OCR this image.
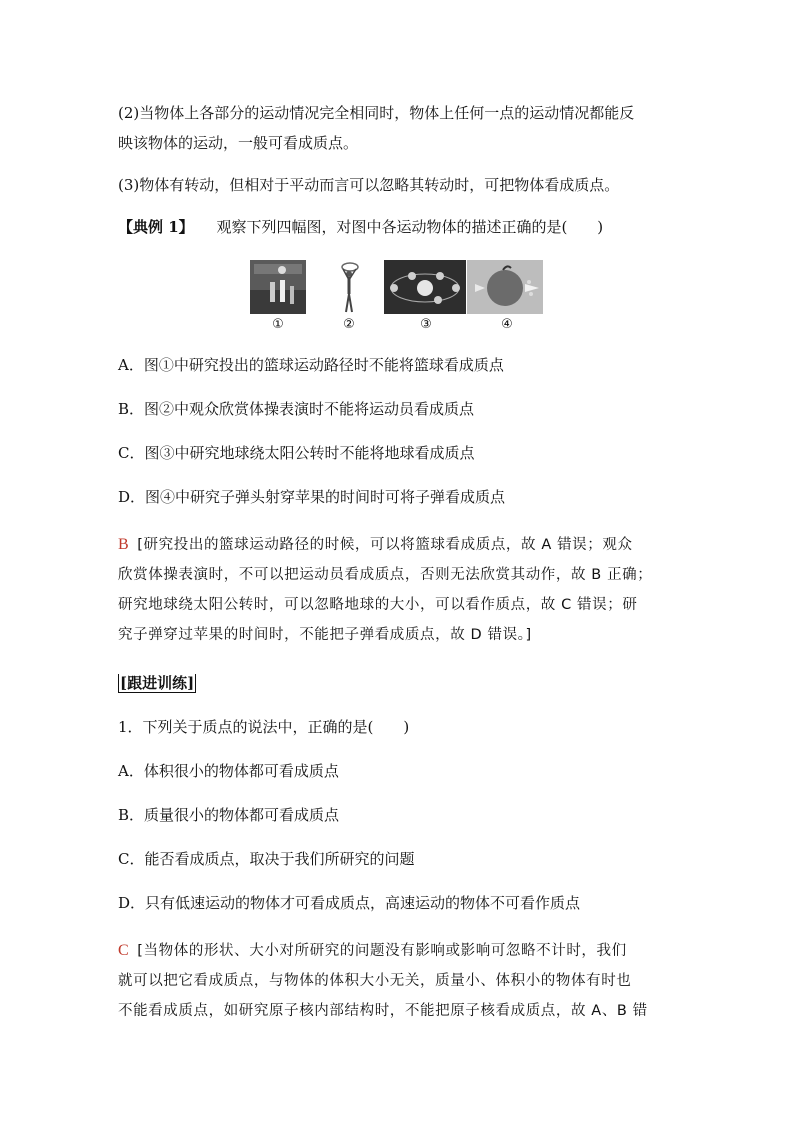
(2)当物体上各部分的运动情况完全相同时，物体上任何一点的运动情况都能反

映该物体的运动，一般可看成质点。

(3)物体有转动，但相对于平动而言可以忽略其转动时，可把物体看成质点。

【典例 1】 观察下列四幅图，对图中各运动物体的描述正确的是(　　)

①	②	③	④

A．图①中研究投出的篮球运动路径时不能将篮球看成质点

B．图②中观众欣赏体操表演时不能将运动员看成质点

C．图③中研究地球绕太阳公转时不能将地球看成质点

D．图④中研究子弹头射穿苹果的时间时可将子弹看成质点

B [研究投出的篮球运动路径的时候，可以将篮球看成质点，故 A 错误；观众

欣赏体操表演时，不可以把运动员看成质点，否则无法欣赏其动作，故 B 正确；

研究地球绕太阳公转时，可以忽略地球的大小，可以看作质点，故 C 错误；研

究子弹穿过苹果的时间时，不能把子弹看成质点，故 D 错误。]

[跟进训练]

1．下列关于质点的说法中，正确的是(　　)

A．体积很小的物体都可看成质点

B．质量很小的物体都可看成质点

C．能否看成质点，取决于我们所研究的问题

D．只有低速运动的物体才可看成质点，高速运动的物体不可看作质点

C [当物体的形状、大小对所研究的问题没有影响或影响可忽略不计时，我们

就可以把它看成质点，与物体的体积大小无关，质量小、体积小的物体有时也

不能看成质点，如研究原子核内部结构时，不能把原子核看成质点，故 A、B 错
